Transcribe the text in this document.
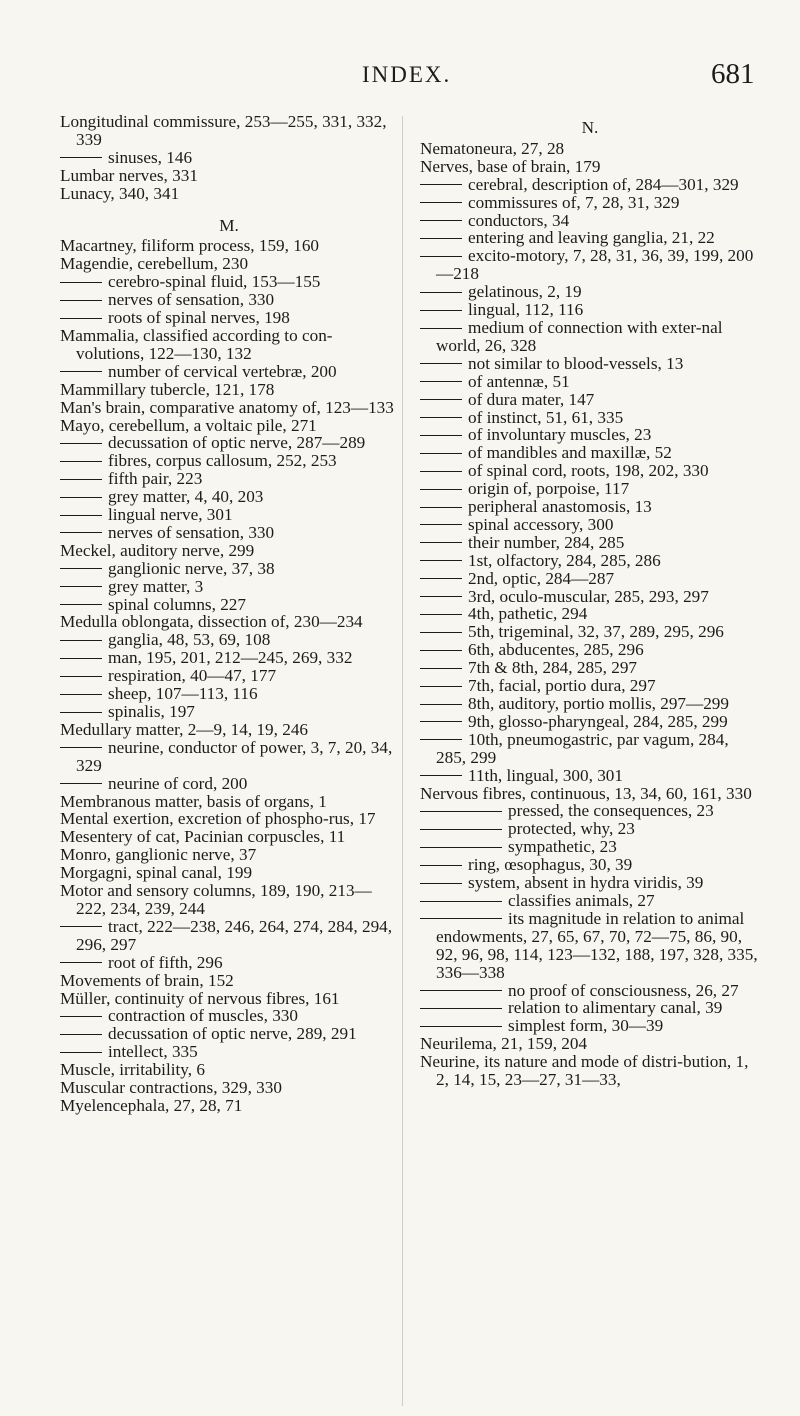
INDEX.	681
Longitudinal commissure, 253—255, 331, 332, 339
sinuses, 146
Lumbar nerves, 331
Lunacy, 340, 341
M.
Macartney, filiform process, 159, 160
Magendie, cerebellum, 230
cerebro-spinal fluid, 153—155
nerves of sensation, 330
roots of spinal nerves, 198
Mammalia, classified according to con-volutions, 122—130, 132
number of cervical vertebræ, 200
Mammillary tubercle, 121, 178
Man's brain, comparative anatomy of, 123—133
Mayo, cerebellum, a voltaic pile, 271
decussation of optic nerve, 287—289
fibres, corpus callosum, 252, 253
fifth pair, 223
grey matter, 4, 40, 203
lingual nerve, 301
nerves of sensation, 330
Meckel, auditory nerve, 299
ganglionic nerve, 37, 38
grey matter, 3
spinal columns, 227
Medulla oblongata, dissection of, 230—234
ganglia, 48, 53, 69, 108
man, 195, 201, 212—245, 269, 332
respiration, 40—47, 177
sheep, 107—113, 116
spinalis, 197
Medullary matter, 2—9, 14, 19, 246
neurine, conductor of power, 3, 7, 20, 34, 329
neurine of cord, 200
Membranous matter, basis of organs, 1
Mental exertion, excretion of phospho-rus, 17
Mesentery of cat, Pacinian corpuscles, 11
Monro, ganglionic nerve, 37
Morgagni, spinal canal, 199
Motor and sensory columns, 189, 190, 213—222, 234, 239, 244
tract, 222—238, 246, 264, 274, 284, 294, 296, 297
root of fifth, 296
Movements of brain, 152
Müller, continuity of nervous fibres, 161
contraction of muscles, 330
decussation of optic nerve, 289, 291
intellect, 335
Muscle, irritability, 6
Muscular contractions, 329, 330
Myelencephala, 27, 28, 71
N.
Nematoneura, 27, 28
Nerves, base of brain, 179
cerebral, description of, 284—301, 329
commissures of, 7, 28, 31, 329
conductors, 34
entering and leaving ganglia, 21, 22
excito-motory, 7, 28, 31, 36, 39, 199, 200—218
gelatinous, 2, 19
lingual, 112, 116
medium of connection with exter-nal world, 26, 328
not similar to blood-vessels, 13
of antennæ, 51
of dura mater, 147
of instinct, 51, 61, 335
of involuntary muscles, 23
of mandibles and maxillæ, 52
of spinal cord, roots, 198, 202, 330
origin of, porpoise, 117
peripheral anastomosis, 13
spinal accessory, 300
their number, 284, 285
1st, olfactory, 284, 285, 286
2nd, optic, 284—287
3rd, oculo-muscular, 285, 293, 297
4th, pathetic, 294
5th, trigeminal, 32, 37, 289, 295, 296
6th, abducentes, 285, 296
7th & 8th, 284, 285, 297
7th, facial, portio dura, 297
8th, auditory, portio mollis, 297—299
9th, glosso-pharyngeal, 284, 285, 299
10th, pneumogastric, par vagum, 284, 285, 299
11th, lingual, 300, 301
Nervous fibres, continuous, 13, 34, 60, 161, 330
pressed, the consequences, 23
protected, why, 23
sympathetic, 23
ring, œsophagus, 30, 39
system, absent in hydra viridis, 39
classifies animals, 27
its magnitude in relation to animal endowments, 27, 65, 67, 70, 72—75, 86, 90, 92, 96, 98, 114, 123—132, 188, 197, 328, 335, 336—338
no proof of consciousness, 26, 27
relation to alimentary canal, 39
simplest form, 30—39
Neurilema, 21, 159, 204
Neurine, its nature and mode of distri-bution, 1, 2, 14, 15, 23—27, 31—33,
